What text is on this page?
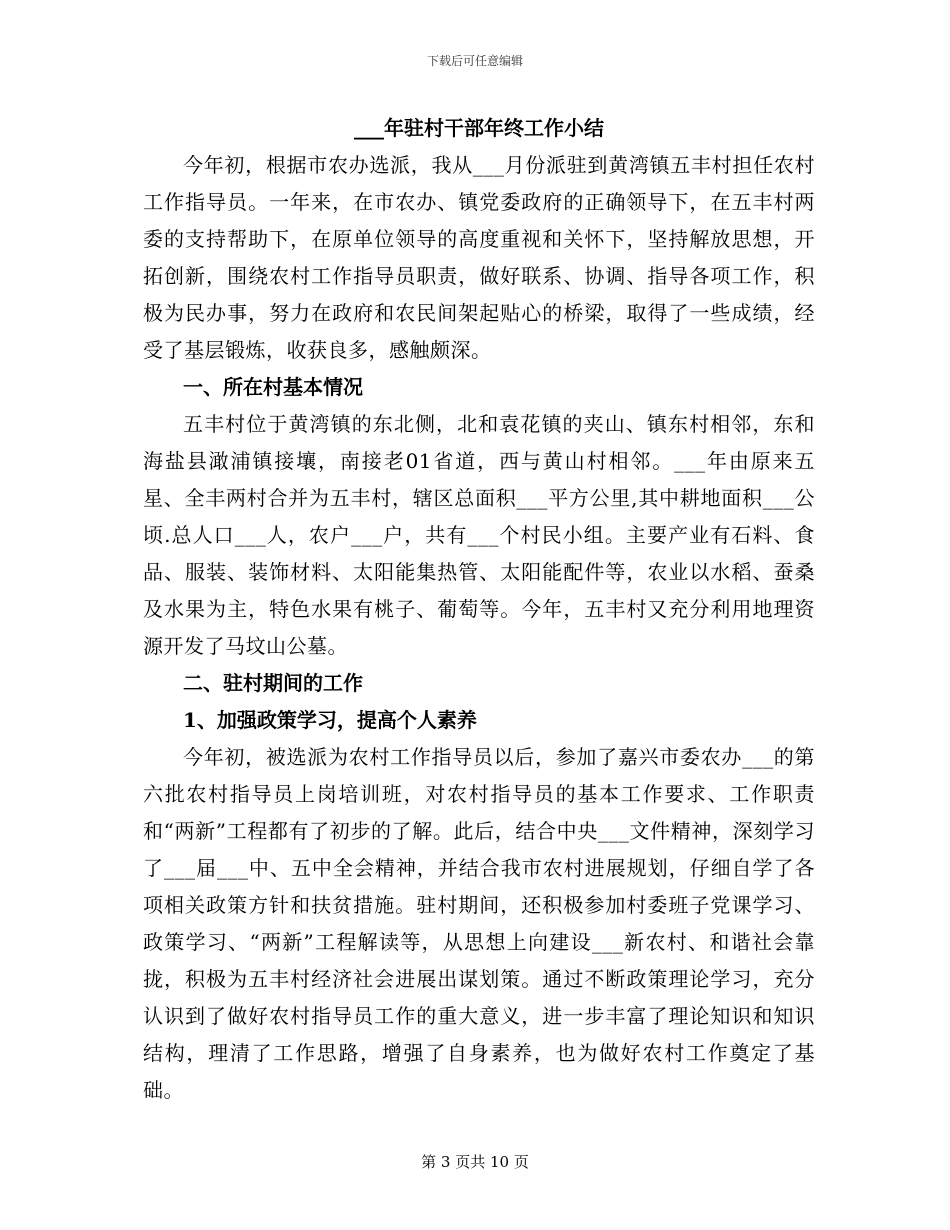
下载后可任意编辑

___年驻村干部年终工作小结

今年初，根据市农办选派，我从___月份派驻到黄湾镇五丰村担任农村工作指导员。一年来，在市农办、镇党委政府的正确领导下，在五丰村两委的支持帮助下，在原单位领导的高度重视和关怀下，坚持解放思想，开拓创新，围绕农村工作指导员职责，做好联系、协调、指导各项工作，积极为民办事，努力在政府和农民间架起贴心的桥梁，取得了一些成绩，经受了基层锻炼，收获良多，感触颇深。

一、所在村基本情况

五丰村位于黄湾镇的东北侧，北和袁花镇的夹山、镇东村相邻，东和海盐县澉浦镇接壤，南接老01省道，西与黄山村相邻。___年由原来五星、全丰两村合并为五丰村，辖区总面积___平方公里,其中耕地面积___公顷.总人口___人，农户___户，共有___个村民小组。主要产业有石料、食品、服装、装饰材料、太阳能集热管、太阳能配件等，农业以水稻、蚕桑及水果为主，特色水果有桃子、葡萄等。今年，五丰村又充分利用地理资源开发了马坟山公墓。

二、驻村期间的工作

1、加强政策学习，提高个人素养

今年初，被选派为农村工作指导员以后，参加了嘉兴市委农办___的第六批农村指导员上岗培训班，对农村指导员的基本工作要求、工作职责和“两新”工程都有了初步的了解。此后，结合中央___文件精神，深刻学习了___届___中、五中全会精神，并结合我市农村进展规划，仔细自学了各项相关政策方针和扶贫措施。驻村期间，还积极参加村委班子党课学习、政策学习、“两新”工程解读等，从思想上向建设___新农村、和谐社会靠拢，积极为五丰村经济社会进展出谋划策。通过不断政策理论学习，充分认识到了做好农村指导员工作的重大意义，进一步丰富了理论知识和知识结构，理清了工作思路，增强了自身素养，也为做好农村工作奠定了基础。

第 3 页共 10 页
